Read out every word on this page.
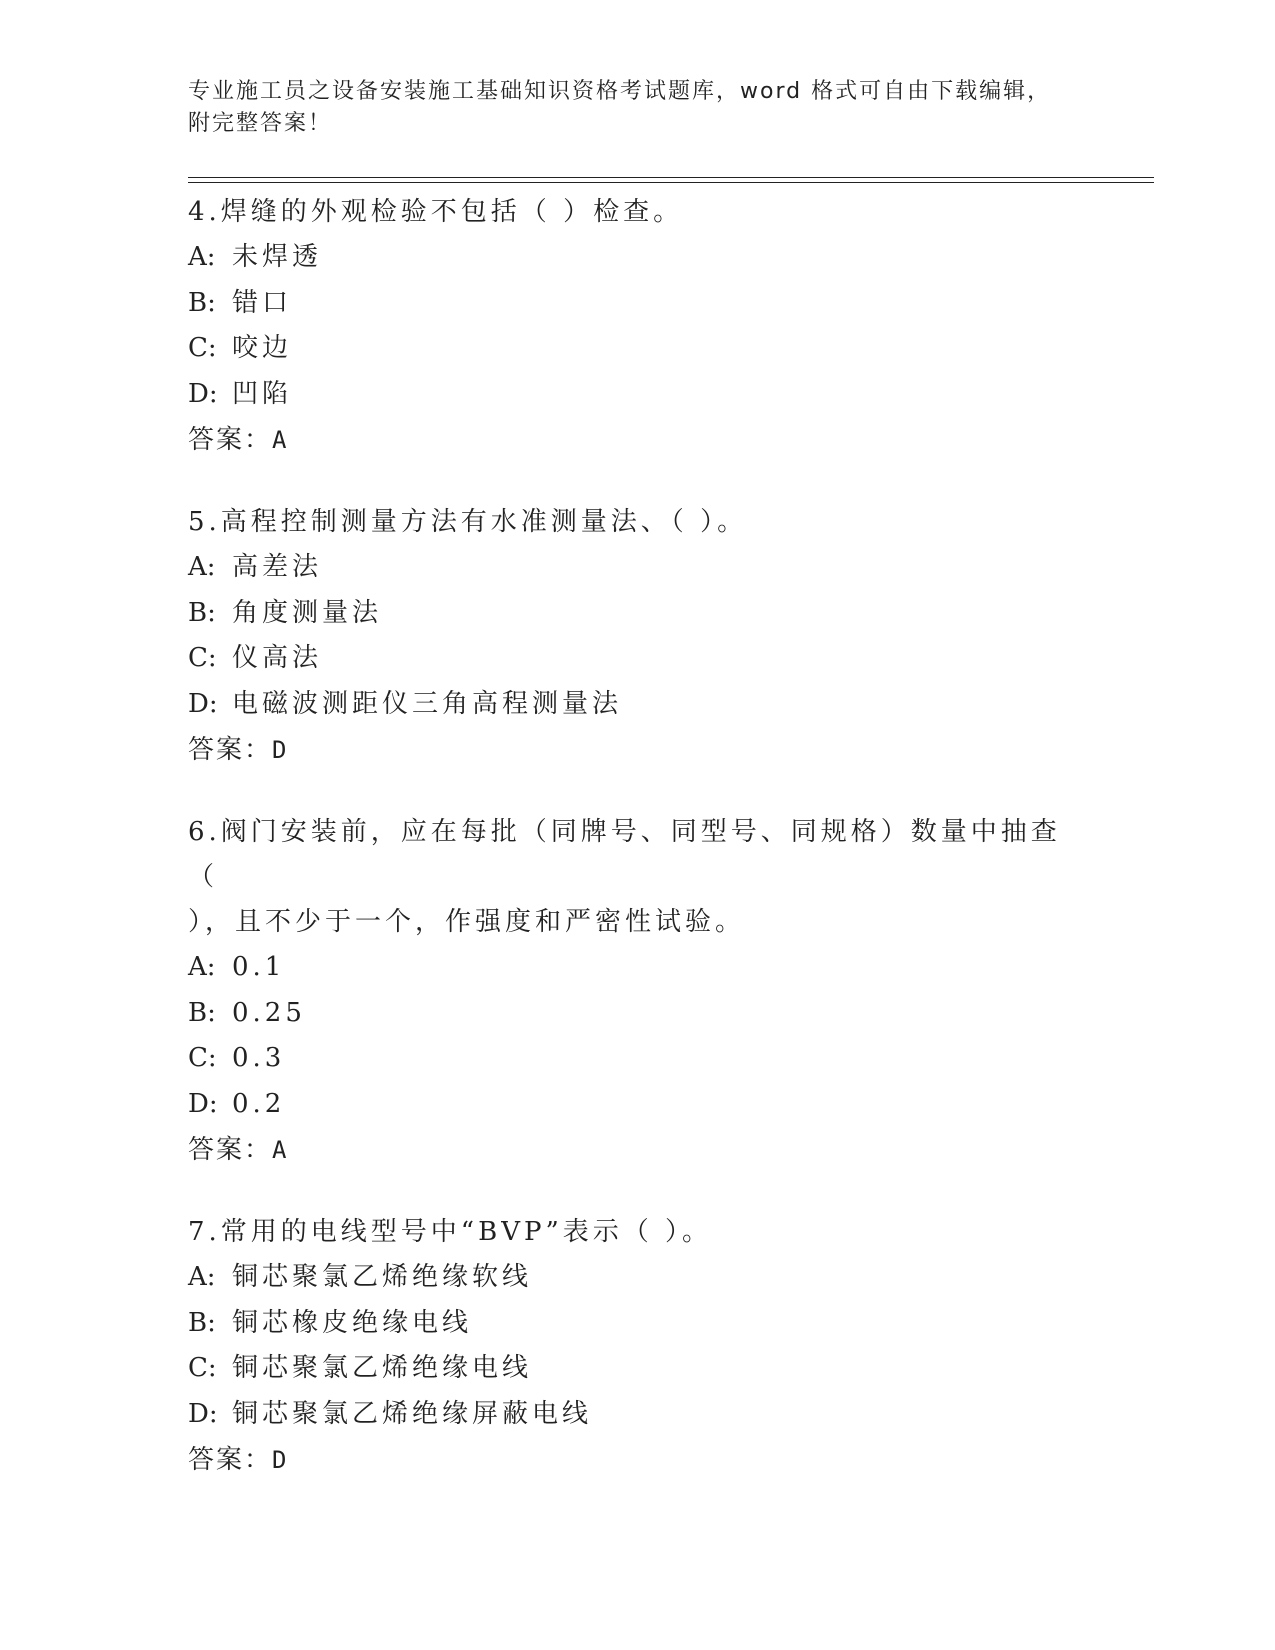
专业施工员之设备安装施工基础知识资格考试题库，word 格式可自由下载编辑，
附完整答案！
4.焊缝的外观检验不包括（ ）检查。
A: 未焊透
B: 错口
C: 咬边
D: 凹陷
答案：A
5.高程控制测量方法有水准测量法、（ ）。
A: 高差法
B: 角度测量法
C: 仪高法
D: 电磁波测距仪三角高程测量法
答案：D
6.阀门安装前，应在每批（同牌号、同型号、同规格）数量中抽查（
），且不少于一个，作强度和严密性试验。
A: 0.1
B: 0.25
C: 0.3
D: 0.2
答案：A
7.常用的电线型号中“BVP”表示（ ）。
A: 铜芯聚氯乙烯绝缘软线
B: 铜芯橡皮绝缘电线
C: 铜芯聚氯乙烯绝缘电线
D: 铜芯聚氯乙烯绝缘屏蔽电线
答案：D
